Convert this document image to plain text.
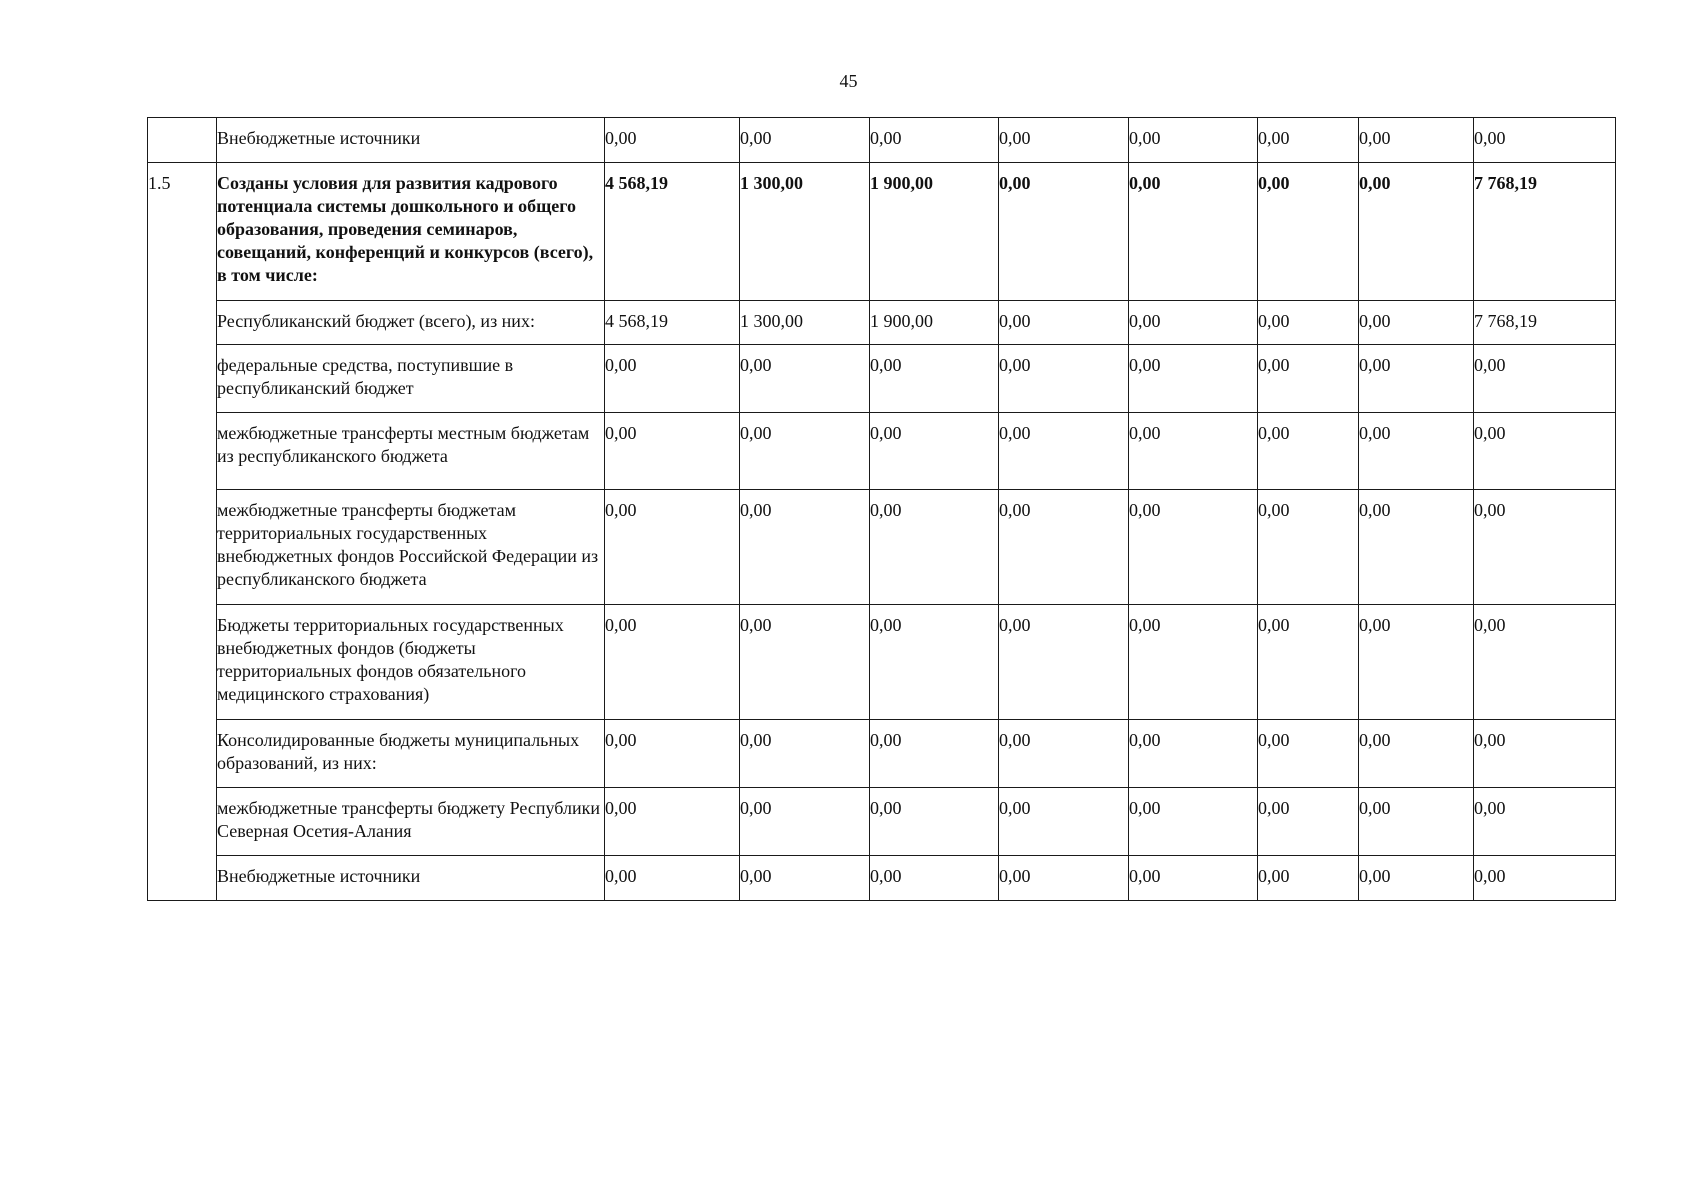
45
	Внебюджетные источники	0,00	0,00	0,00	0,00	0,00	0,00	0,00	0,00
1.5	Созданы условия для развития кадрового потенциала системы дошкольного и общего образования, проведения семинаров, совещаний, конференций и конкурсов (всего), в том числе:	4 568,19	1 300,00	1 900,00	0,00	0,00	0,00	0,00	7 768,19
	Республиканский бюджет (всего), из них:	4 568,19	1 300,00	1 900,00	0,00	0,00	0,00	0,00	7 768,19
	федеральные средства, поступившие в республиканский бюджет	0,00	0,00	0,00	0,00	0,00	0,00	0,00	0,00
	межбюджетные трансферты местным бюджетам из республиканского бюджета	0,00	0,00	0,00	0,00	0,00	0,00	0,00	0,00
	межбюджетные трансферты бюджетам территориальных государственных внебюджетных фондов Российской Федерации из республиканского бюджета	0,00	0,00	0,00	0,00	0,00	0,00	0,00	0,00
	Бюджеты территориальных государственных внебюджетных фондов (бюджеты территориальных фондов обязательного медицинского страхования)	0,00	0,00	0,00	0,00	0,00	0,00	0,00	0,00
	Консолидированные бюджеты муниципальных образований, из них:	0,00	0,00	0,00	0,00	0,00	0,00	0,00	0,00
	межбюджетные трансферты бюджету Республики Северная Осетия-Алания	0,00	0,00	0,00	0,00	0,00	0,00	0,00	0,00
	Внебюджетные источники	0,00	0,00	0,00	0,00	0,00	0,00	0,00	0,00
